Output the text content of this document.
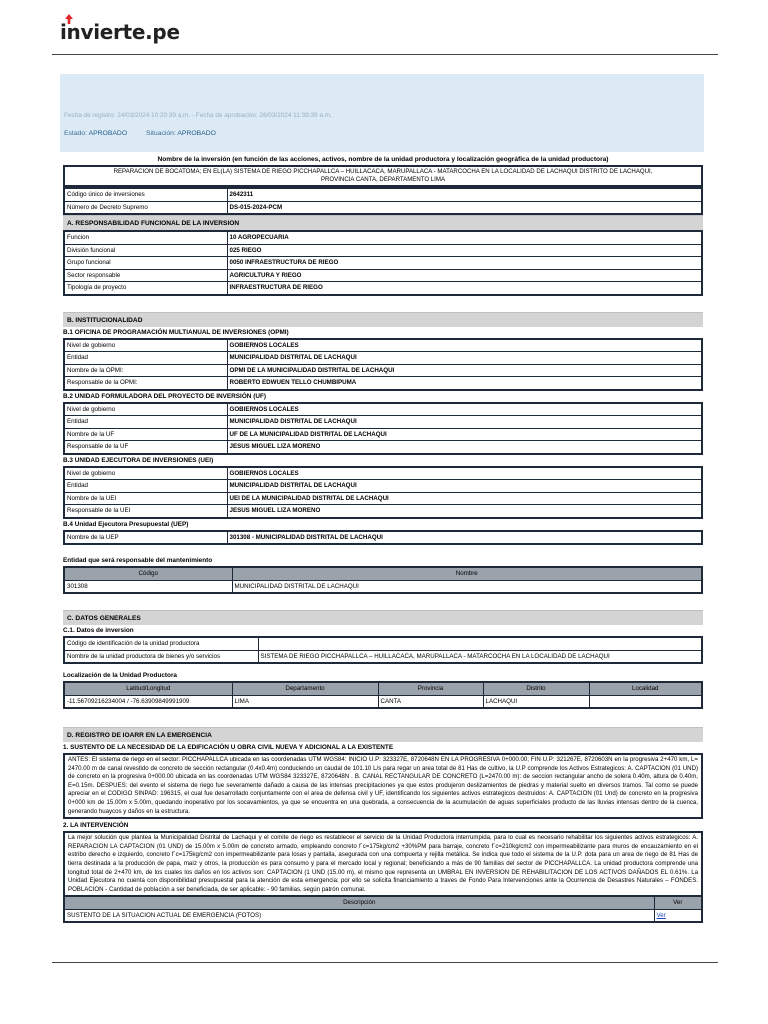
invierte.pe
Fecha de registro: 24/03/2024 10:20:39 a.m. - Fecha de aprobación: 26/03/2024 11:39:39 a.m.
Estado: APROBADO	Situación: APROBADO
Nombre de la inversión (en función de las acciones, activos, nombre de la unidad productora y localización geográfica de la unidad productora)
REPARACION DE BOCATOMA; EN EL(LA) SISTEMA DE RIEGO PICCHAPALLCA – HUILLACACA, MARUPALLACA - MATARCOCHA EN LA LOCALIDAD DE LACHAQUI DISTRITO DE LACHAQUI, PROVINCIA CANTA, DEPARTAMENTO LIMA
Código único de inversiones	2642311
Número de Decreto Supremo	DS-015-2024-PCM
A. RESPONSABILIDAD FUNCIONAL DE LA INVERSION
Funcion	10 AGROPECUARIA
División funcional	025 RIEGO
Grupo funcional	0050 INFRAESTRUCTURA DE RIEGO
Sector responsable	AGRICULTURA Y RIEGO
Tipología de proyecto	INFRAESTRUCTURA DE RIEGO
B. INSTITUCIONALIDAD
B.1 OFICINA DE PROGRAMACIÓN MULTIANUAL DE INVERSIONES (OPMI)
Nivel de gobierno	GOBIERNOS LOCALES
Entidad	MUNICIPALIDAD DISTRITAL DE LACHAQUI
Nombre de la OPMI:	OPMI DE LA MUNICIPALIDAD DISTRITAL DE LACHAQUI
Responsable de la OPMI:	ROBERTO EDWUEN TELLO CHUMBIPUMA
B.2 UNIDAD FORMULADORA DEL PROYECTO DE INVERSIÓN (UF)
Nivel de gobierno	GOBIERNOS LOCALES
Entidad	MUNICIPALIDAD DISTRITAL DE LACHAQUI
Nombre de la UF	UF DE LA MUNICIPALIDAD DISTRITAL DE LACHAQUI
Responsable de la UF	JESUS MIGUEL LIZA MORENO
B.3 UNIDAD EJECUTORA DE INVERSIONES (UEI)
Nivel de gobierno	GOBIERNOS LOCALES
Entidad	MUNICIPALIDAD DISTRITAL DE LACHAQUI
Nombre de la UEI	UEI DE LA MUNICIPALIDAD DISTRITAL DE LACHAQUI
Responsable de la UEI	JESUS MIGUEL LIZA MORENO
B.4 Unidad Ejecutora Presupuestal (UEP)
Nombre de la UEP	301308 - MUNICIPALIDAD DISTRITAL DE LACHAQUI
Entidad que será responsable del mantenimiento
Código	Nombre
301308	MUNICIPALIDAD DISTRITAL DE LACHAQUI
C. DATOS GENERALES
C.1. Datos de inversion
Código de identificación de la unidad productora	
Nombre de la unidad productora de bienes y/o servicios	SISTEMA DE RIEGO PICCHAPALLCA – HUILLACACA, MARUPALLACA - MATARCOCHA EN LA LOCALIDAD DE LACHAQUI
Localización de la Unidad Productora
Latitud/Longitud	Departamento	Provincia	Distrito	Localidad
-11.56709216234004 / -76.63909849991909	LIMA	CANTA	LACHAQUI	
D. REGISTRO DE IOARR EN LA EMERGENCIA
1. SUSTENTO DE LA NECESIDAD DE LA EDIFICACIÓN U OBRA CIVIL NUEVA Y ADICIONAL A LA EXISTENTE
ANTES: El sistema de riego en el sector: PICCHAPALLCA ubicada en las coordenadas UTM WGS84: INICIO U.P: 323327E, 8720648N EN LA PROGRESIVA 0+000.00; FIN U.P: 321267E, 8720603N en la progresiva 2+470 km, L= 2470.00 m de canal revestido de concreto de sección rectangular (0.4x0.4m) conduciendo un caudal de 101.10 L/s para regar un area total de 81 Has de cultivo, la U.P comprende los Activos Estrategicos: A. CAPTACION (01 UND) de concreto en la progresiva 0+000.00 ubicada en las coordenadas UTM WGS84 323327E, 8720648N . B. CANAL RECTANGULAR DE CONCRETO (L=2470.00 m): de seccion rectangular ancho de solera 0.40m, altura de 0.40m, E=0.15m. DESPUES: del evento el sistema de riego fue severamente dañado a causa de las intensas precipitaciones ya que estos produjeron deslizamientos de piedras y material suelto en diversos tramos. Tal como se puede apreciar en el CODIGO SINPAD: 196315, el cual fue desarrollado conjuntamente con el area de defensa civil y UF, identificando los siguientes activos estrategicos destruidos: A. CAPTACION (01 Und) de concreto en la progresiva 0+000 km de 15.00m x 5.00m, quedando inoperativo por los socavamientos, ya que se encuentra en una quebrada, a consecuencia de la acumulación de aguas superficiales producto de las lluvias intensas dentro de la cuenca, generando huaycos y daños en la estructura.
2. LA INTERVENCIÓN
La mejor solución que plantea la Municipalidad Distrital de Lachaqui y el comite de riego es restablecer el servicio de la Unidad Productora interrumpida, para lo cual es necesario rehabilitar los siguientes activos estrategicos: A. REPARACION LA CAPTACION (01 UND) de 15.00m x 5.00m de concreto armado, empleando concreto f´c=175kg/cm2 +30%PM para barraje, concreto f´c=210kg/cm2 con impermeabilizante para muros de encauzamiento en el estribo derecho e izquierdo, concreto f´c=175kg/cm2 con impermeabilizante para losas y pantalla, asegurada con una compuerta y rejilla metálica. Se indica que todo el sistema de la U.P. dota para un area de riego de 81 Has de tierra destinada a la producción de papa, maíz y otros, la producción es para consumo y para el mercado local y regional; beneficiando a más de 90 familias del sector de PICCHAPALLCA. La unidad productora comprende una longitud total de 2+470 km, de los cuales los daños en los activos son: CAPTACION (1 UND (15.00 m), el mismo que representa un UMBRAL EN INVERSION DE REHABILITACION DE LOS ACTIVOS DAÑADOS EL 0.61%. La Unidad Ejecutora no cuenta con disponibilidad presupuestal para la atención de esta emergencia; por ello se solicita financiamiento a traves de Fondo Para Intervenciones ante la Ocurrencia de Desastres Naturales – FONDES. POBLACION - Cantidad de población a ser beneficiada, de ser aplicable: - 90 familias, según patrón comunal.
Descripción	Ver
SUSTENTO DE LA SITUACION ACTUAL DE EMERGENCIA (FOTOS)	Ver
